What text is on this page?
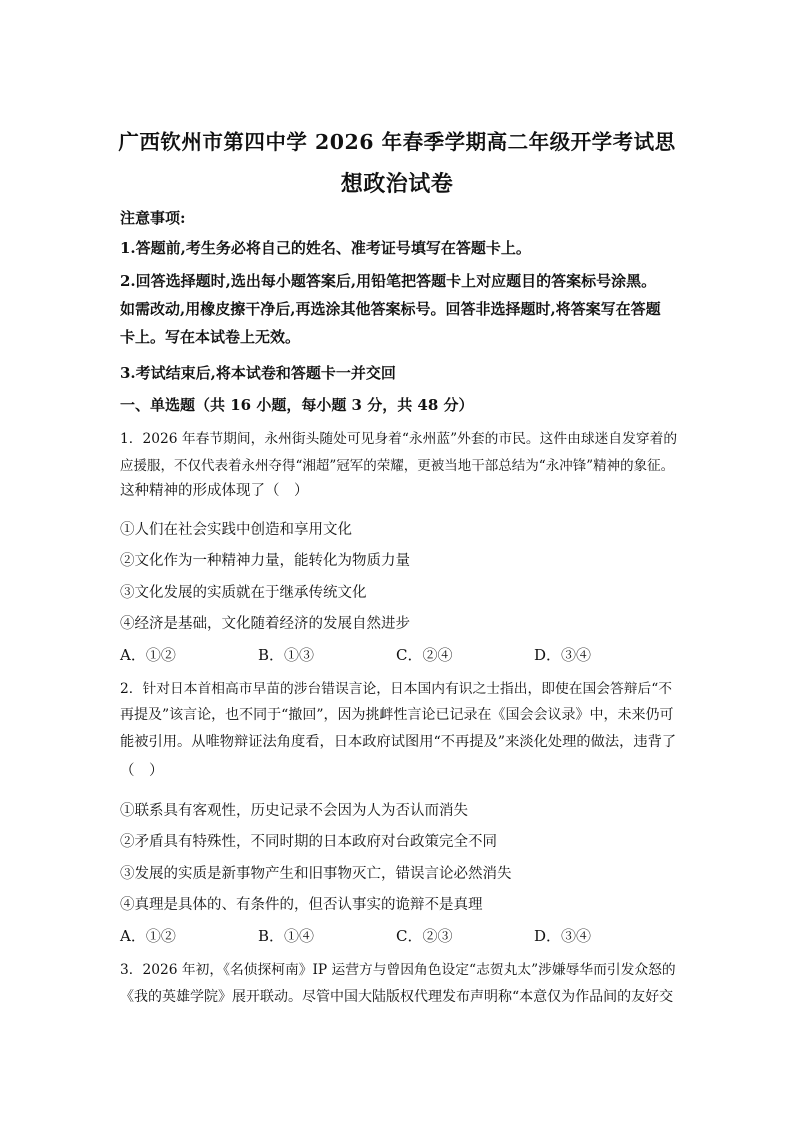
广西钦州市第四中学 2026 年春季学期高二年级开学考试思
想政治试卷
注意事项:
1.答题前,考生务必将自己的姓名、准考证号填写在答题卡上。
2.回答选择题时,选出每小题答案后,用铅笔把答题卡上对应题目的答案标号涂黑。
如需改动,用橡皮擦干净后,再选涂其他答案标号。回答非选择题时,将答案写在答题
卡上。写在本试卷上无效。
3.考试结束后,将本试卷和答题卡一并交回
一、单选题（共 16 小题，每小题 3 分，共 48 分）
1．2026 年春节期间，永州街头随处可见身着“永州蓝”外套的市民。这件由球迷自发穿着的
应援服，不仅代表着永州夺得“湘超”冠军的荣耀，更被当地干部总结为“永冲锋”精神的象征。
这种精神的形成体现了（　）
①人们在社会实践中创造和享用文化
②文化作为一种精神力量，能转化为物质力量
③文化发展的实质就在于继承传统文化
④经济是基础，文化随着经济的发展自然进步
A．①②	B．①③	C．②④	D．③④
2．针对日本首相高市早苗的涉台错误言论，日本国内有识之士指出，即使在国会答辩后“不
再提及”该言论，也不同于“撤回”，因为挑衅性言论已记录在《国会会议录》中，未来仍可
能被引用。从唯物辩证法角度看，日本政府试图用“不再提及”来淡化处理的做法，违背了
（　）
①联系具有客观性，历史记录不会因为人为否认而消失
②矛盾具有特殊性，不同时期的日本政府对台政策完全不同
③发展的实质是新事物产生和旧事物灭亡，错误言论必然消失
④真理是具体的、有条件的，但否认事实的诡辩不是真理
A．①②	B．①④	C．②③	D．③④
3．2026 年初，《名侦探柯南》IP 运营方与曾因角色设定“志贺丸太”涉嫌辱华而引发众怒的
《我的英雄学院》展开联动。尽管中国大陆版权代理发布声明称“本意仅为作品间的友好交
